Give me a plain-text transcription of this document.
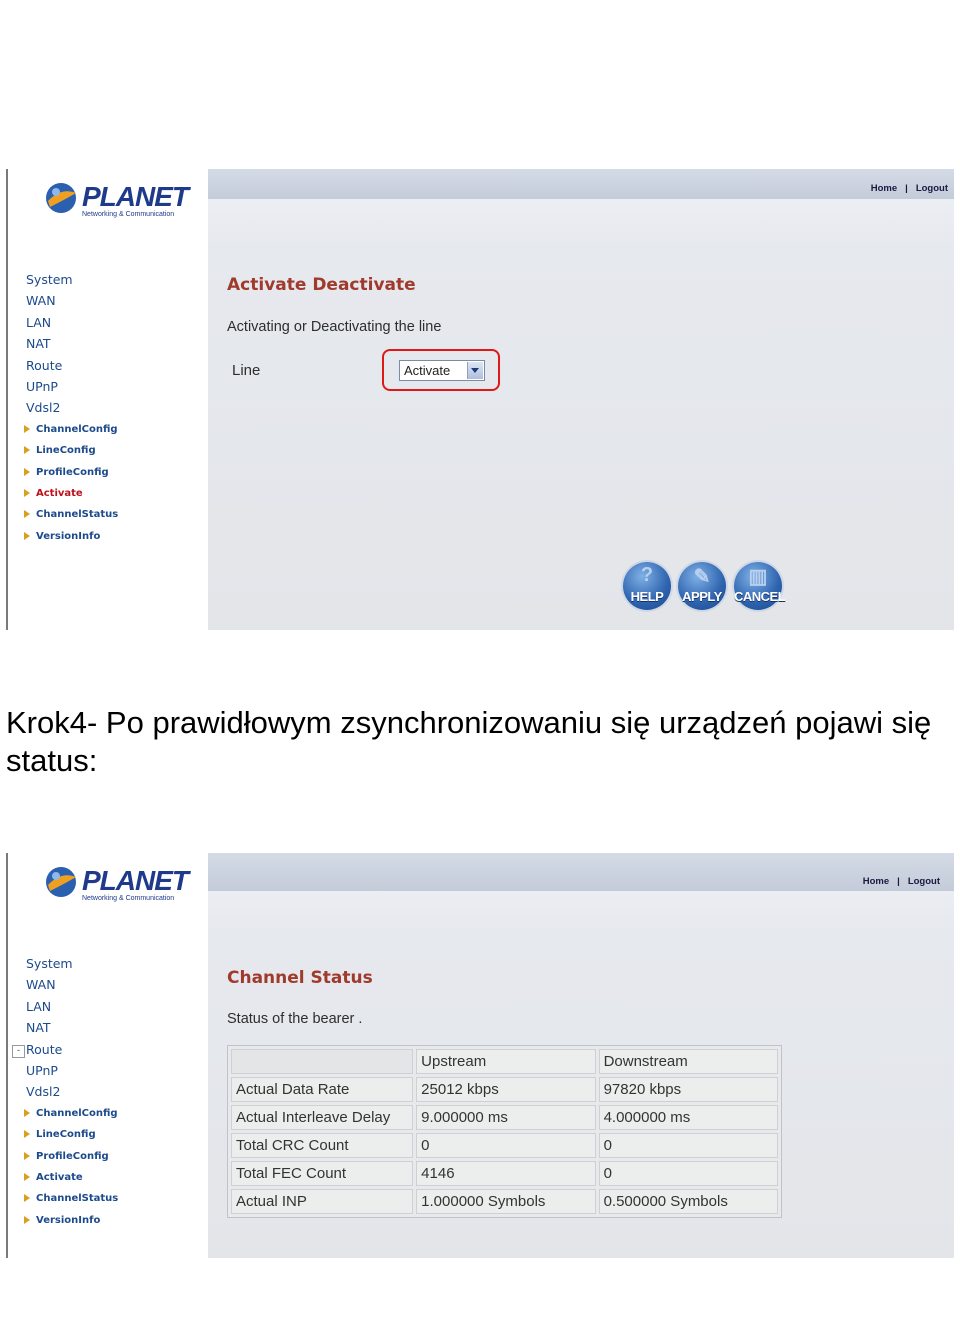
PLANET
Networking & Communication
System
WAN
LAN
NAT
Route
UPnP
Vdsl2
ChannelConfig
LineConfig
ProfileConfig
Activate
ChannelStatus
VersionInfo
Home | Logout
Activate Deactivate
Activating or Deactivating the line
Line	Activate
?
HELP
✎
APPLY
▥
CANCEL
Krok4- Po prawidłowym zsynchronizowaniu się urządzeń pojawi się status:
PLANET
Networking & Communication
-
System
WAN
LAN
NAT
Route
UPnP
Vdsl2
ChannelConfig
LineConfig
ProfileConfig
Activate
ChannelStatus
VersionInfo
Home | Logout
Channel Status
Status of the bearer .
	Upstream	Downstream
Actual Data Rate	25012 kbps	97820 kbps
Actual Interleave Delay	9.000000 ms	4.000000 ms
Total CRC Count	0	0
Total FEC Count	4146	0
Actual INP	1.000000 Symbols	0.500000 Symbols
